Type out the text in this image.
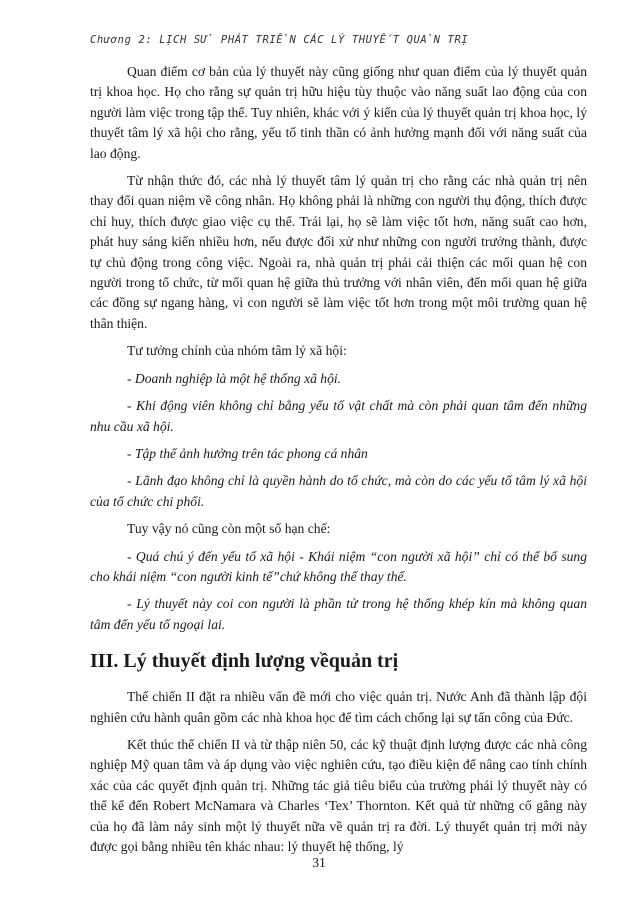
Chương 2: LỊCH SỬ PHÁT TRIỂN CÁC LÝ THUYẾT QUẢN TRỊ

Quan điểm cơ bản của lý thuyết này cũng giống như quan điểm của lý thuyết quản trị khoa học. Họ cho rằng sự quản trị hữu hiệu tùy thuộc vào năng suất lao động của con người làm việc trong tập thể. Tuy nhiên, khác với ý kiến của lý thuyết quản trị khoa học, lý thuyết tâm lý xã hội cho rằng, yếu tố tinh thần có ảnh hưởng mạnh đối với năng suất của lao động.

Từ nhận thức đó, các nhà lý thuyết tâm lý quản trị cho rằng các nhà quản trị nên thay đổi quan niệm về công nhân. Họ không phải là những con người thụ động, thích được chỉ huy, thích được giao việc cụ thể. Trái lại, họ sẽ làm việc tốt hơn, năng suất cao hơn, phát huy sáng kiến nhiều hơn, nếu được đối xử như những con người trưởng thành, được tự chủ động trong công việc. Ngoài ra, nhà quản trị phải cải thiện các mối quan hệ con người trong tổ chức, từ mối quan hệ giữa thủ trưởng với nhân viên, đến mối quan hệ giữa các đồng sự ngang hàng, vì con người sẽ làm việc tốt hơn trong một môi trường quan hệ thân thiện.

Tư tưởng chính của nhóm tâm lý xã hội:

- Doanh nghiệp là một hệ thống xã hội.

- Khi động viên không chỉ bằng yếu tố vật chất mà còn phải quan tâm đến những nhu cầu xã hội.

- Tập thể ảnh hưởng trên tác phong cá nhân

- Lãnh đạo không chỉ là quyền hành do tổ chức, mà còn do các yếu tố tâm lý xã hội của tổ chức chi phối.

Tuy vậy nó cũng còn một số hạn chế:

- Quá chú ý đến yếu tố xã hội - Khái niệm “con người xã hội” chỉ có thể bổ sung cho khái niệm “con người kinh tế”chứ không thể thay thế.

- Lý thuyết này coi con người là phần tử trong hệ thống khép kín mà không quan tâm đến yếu tố ngoại lai.

III. Lý thuyết định lượng vềquản trị

Thế chiến II đặt ra nhiều vấn đề mới cho việc quản trị. Nước Anh đã thành lập đội nghiên cứu hành quân gồm các nhà khoa học để tìm cách chống lại sự tấn công của Đức.

Kết thúc thế chiến II và từ thập niên 50, các kỹ thuật định lượng được các nhà công nghiệp Mỹ quan tâm và áp dụng vào việc nghiên cứu, tạo điều kiện để nâng cao tính chính xác của các quyết định quản trị. Những tác giả tiêu biểu của trường phái lý thuyết này có thể kể đến Robert McNamara và Charles ‘Tex’ Thornton. Kết quả từ những cố gắng này của họ đã làm nảy sinh một lý thuyết nữa về quản trị ra đời. Lý thuyết quản trị mới này được gọi bằng nhiều tên khác nhau: lý thuyết hệ thống, lý

31
